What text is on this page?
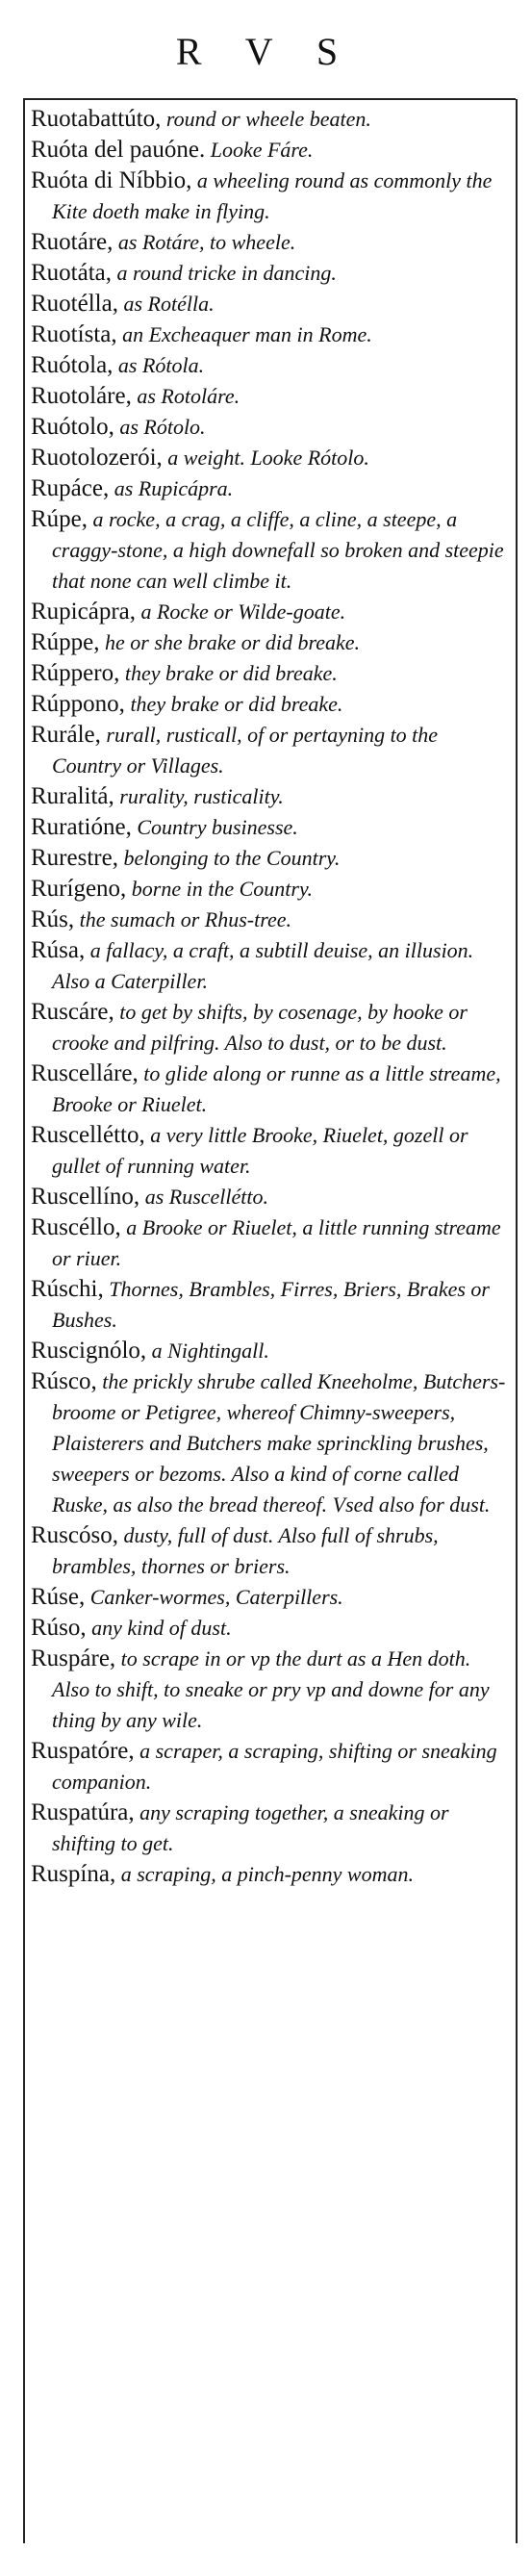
R V S
Ruotabattúto, round or wheele beaten.
Ruóta del pauóne. Looke Fáre.
Ruóta di Níbbio, a wheeling round as commonly the Kite doeth make in flying.
Ruotáre, as Rotáre, to wheele.
Ruotáta, a round tricke in dancing.
Ruotélla, as Rotélla.
Ruotísta, an Excheaquer man in Rome.
Ruótola, as Rótola.
Ruotoláre, as Rotoláre.
Ruótolo, as Rótolo.
Ruotolozerói, a weight. Looke Rótolo.
Rupáce, as Rupicápra.
Rúpe, a rocke, a crag, a cliffe, a cline, a steepe, a craggy-stone, a high downefall so broken and steepie that none can well climbe it.
Rupicápra, a Rocke or Wilde-goate.
Rúppe, he or she brake or did breake.
Rúppero, they brake or did breake.
Rúppono, they brake or did breake.
Rurále, rurall, rusticall, of or pertayning to the Country or Villages.
Ruralitá, rurality, rusticality.
Ruratióne, Country businesse.
Rurestre, belonging to the Country.
Rurígeno, borne in the Country.
Rús, the sumach or Rhus-tree.
Rúsa, a fallacy, a craft, a subtill deuise, an illusion. Also a Caterpiller.
Ruscáre, to get by shifts, by cosenage, by hooke or crooke and pilfring. Also to dust, or to be dust.
Ruscelláre, to glide along or runne as a little streame, Brooke or Riuelet.
Ruscellétto, a very little Brooke, Riuelet, gozell or gullet of running water.
Ruscellíno, as Ruscellétto.
Ruscéllo, a Brooke or Riuelet, a little running streame or riuer.
Rúschi, Thornes, Brambles, Firres, Briers, Brakes or Bushes.
Ruscignólo, a Nightingall.
Rúsco, the prickly shrube called Kneeholme, Butchers-broome or Petigree, whereof Chimny-sweepers, Plaisterers and Butchers make sprinckling brushes, sweepers or bezoms. Also a kind of corne called Ruske, as also the bread thereof. Vsed also for dust.
Ruscóso, dusty, full of dust. Also full of shrubs, brambles, thornes or briers.
Rúse, Canker-wormes, Caterpillers.
Rúso, any kind of dust.
Ruspáre, to scrape in or vp the durt as a Hen doth. Also to shift, to sneake or pry vp and downe for any thing by any wile.
Ruspatóre, a scraper, a scraping, shifting or sneaking companion.
Ruspatúra, any scraping together, a sneaking or shifting to get.
Ruspína, a scraping, a pinch-penny woman.
